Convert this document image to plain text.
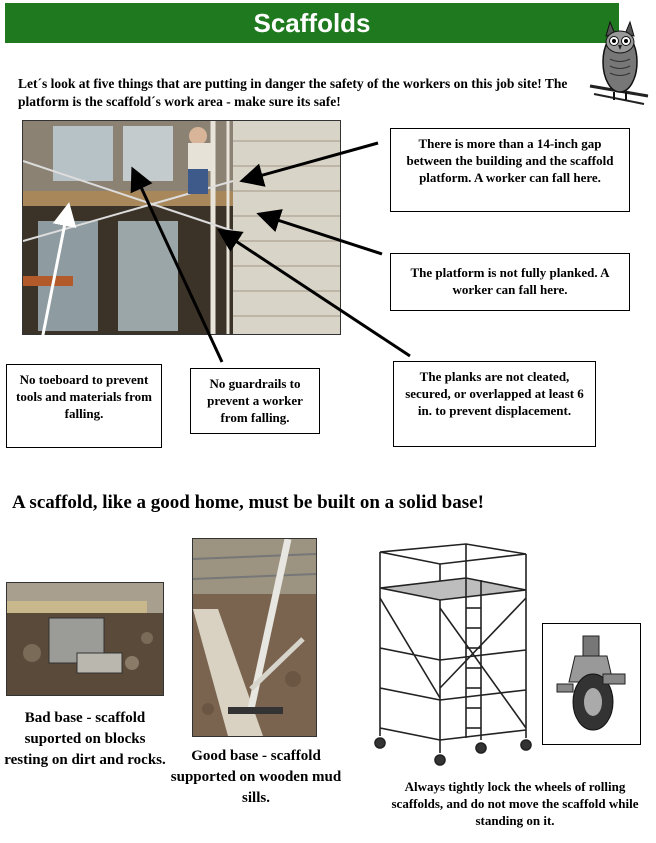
Scaffolds
Let´s look at five things that are putting in danger the safety of the workers on this job site! The platform is the scaffold´s work area - make sure its safe!
There is more than a 14-inch gap between the building and the scaffold platform. A worker can fall here.
The platform is not fully planked. A worker can fall here.
No toeboard to prevent tools and materials from falling.
No guardrails to prevent a worker from falling.
The planks are not cleated, secured, or overlapped at least 6 in. to prevent displacement.
A scaffold, like a good home, must be built on a solid base!
Bad base - scaffold suported on blocks resting on dirt and rocks.	Good base - scaffold supported on wooden mud sills.
Always tightly lock the wheels of rolling scaffolds, and do not move the scaffold while standing on it.
